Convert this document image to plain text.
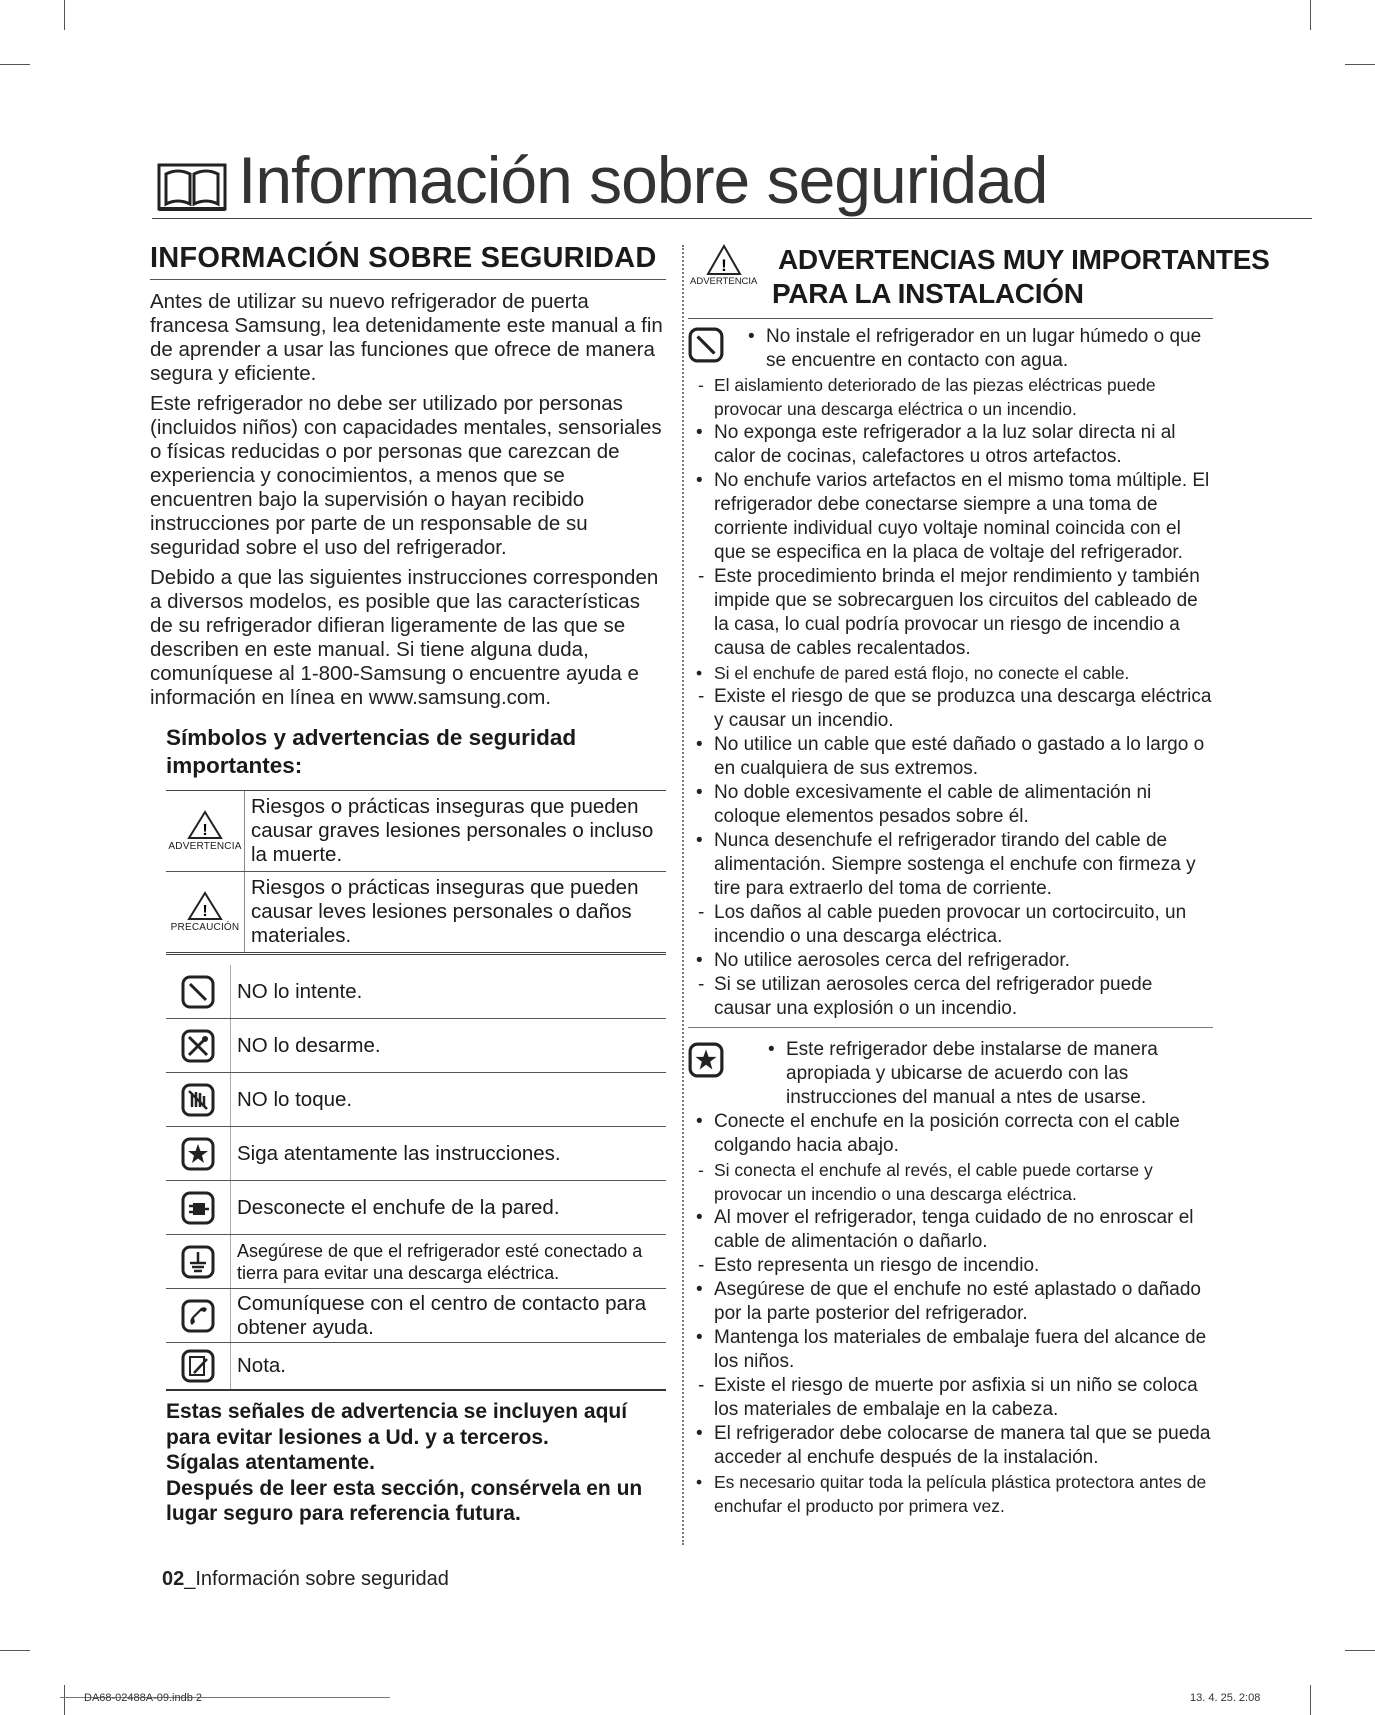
Información sobre seguridad
INFORMACIÓN SOBRE SEGURIDAD

Antes de utilizar su nuevo refrigerador de puerta francesa Samsung, lea detenidamente este manual a fin de aprender a usar las funciones que ofrece de manera segura y eficiente.

Este refrigerador no debe ser utilizado por personas (incluidos niños) con capacidades mentales, sensoriales o físicas reducidas o por personas que carezcan de experiencia y conocimientos, a menos que se encuentren bajo la supervisión o hayan recibido instrucciones por parte de un responsable de su seguridad sobre el uso del refrigerador.

Debido a que las siguientes instrucciones corresponden a diversos modelos, es posible que las características de su refrigerador difieran ligeramente de las que se describen en este manual. Si tiene alguna duda, comuníquese al 1-800-Samsung o encuentre ayuda e información en línea en www.samsung.com.

Símbolos y advertencias de seguridad importantes:
!
ADVERTENCIA
Riesgos o prácticas inseguras que pueden causar graves lesiones personales o incluso la muerte.
!
PRECAUCIÓN
Riesgos o prácticas inseguras que pueden causar leves lesiones personales o daños materiales.
NO lo intente.
NO lo desarme.
NO lo toque.
Siga atentamente las instrucciones.
Desconecte el enchufe de la pared.
Asegúrese de que el refrigerador esté conectado a tierra para evitar una descarga eléctrica.
Comuníquese con el centro de contacto para obtener ayuda.
Nota.
Estas señales de advertencia se incluyen aquí para evitar lesiones a Ud. y a terceros.
Sígalas atentamente.
Después de leer esta sección, consérvela en un lugar seguro para referencia futura.
02_Información sobre seguridad
!
ADVERTENCIA
ADVERTENCIAS MUY IMPORTANTES
PARA LA INSTALACIÓN

• No instale el refrigerador en un lugar húmedo o que se encuentre en contacto con agua.

- El aislamiento deteriorado de las piezas eléctricas puede provocar una descarga eléctrica o un incendio.

• No exponga este refrigerador a la luz solar directa ni al calor de cocinas, calefactores u otros artefactos.

• No enchufe varios artefactos en el mismo toma múltiple. El refrigerador debe conectarse siempre a una toma de corriente individual cuyo voltaje nominal coincida con el que se especifica en la placa de voltaje del refrigerador.

- Este procedimiento brinda el mejor rendimiento y también impide que se sobrecarguen los circuitos del cableado de la casa, lo cual podría provocar un riesgo de incendio a causa de cables recalentados.

• Si el enchufe de pared está flojo, no conecte el cable.

- Existe el riesgo de que se produzca una descarga eléctrica y causar un incendio.

• No utilice un cable que esté dañado o gastado a lo largo o en cualquiera de sus extremos.

• No doble excesivamente el cable de alimentación ni coloque elementos pesados sobre él.

• Nunca desenchufe el refrigerador tirando del cable de alimentación. Siempre sostenga el enchufe con firmeza y tire para extraerlo del toma de corriente.

- Los daños al cable pueden provocar un cortocircuito, un incendio o una descarga eléctrica.

• No utilice aerosoles cerca del refrigerador.

- Si se utilizan aerosoles cerca del refrigerador puede causar una explosión o un incendio.

• Este refrigerador debe instalarse de manera apropiada y ubicarse de acuerdo con las instrucciones del manual a ntes de usarse.

• Conecte el enchufe en la posición correcta con el cable colgando hacia abajo.

- Si conecta el enchufe al revés, el cable puede cortarse y provocar un incendio o una descarga eléctrica.

• Al mover el refrigerador, tenga cuidado de no enroscar el cable de alimentación o dañarlo.

- Esto representa un riesgo de incendio.

• Asegúrese de que el enchufe no esté aplastado o dañado por la parte posterior del refrigerador.

• Mantenga los materiales de embalaje fuera del alcance de los niños.

- Existe el riesgo de muerte por asfixia si un niño se coloca los materiales de embalaje en la cabeza.

• El refrigerador debe colocarse de manera tal que se pueda acceder al enchufe después de la instalación.

• Es necesario quitar toda la película plástica protectora antes de enchufar el producto por primera vez.

DA68-02488A-09.indb 2	13. 4. 25. 2:08
